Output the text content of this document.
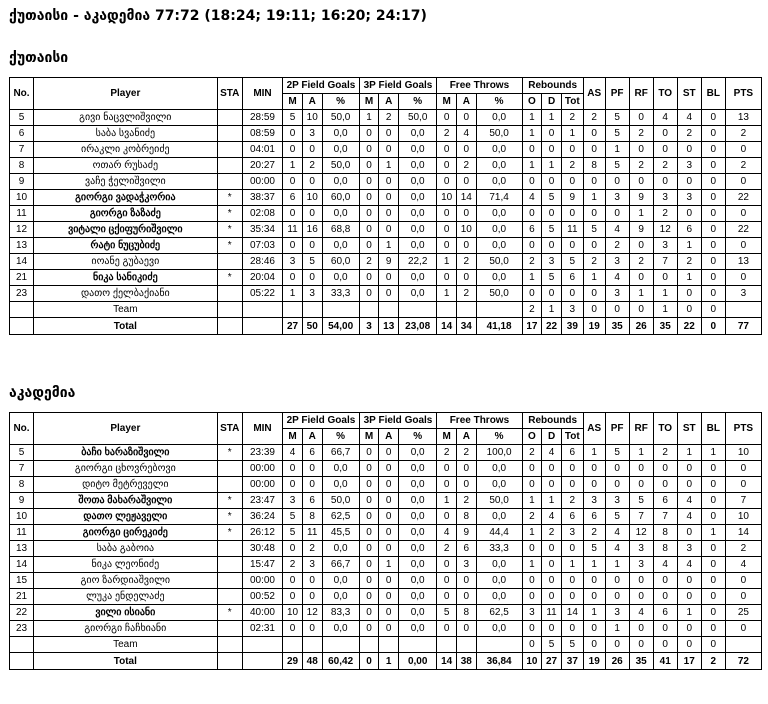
ქუთაისი - აკადემია 77:72 (18:24; 19:11; 16:20; 24:17)
ქუთაისი
No.	Player	STA	MIN	2P Field Goals			3P Field Goals			Free Throws			Rebounds			AS	PF	RF	TO	ST	BL	PTS
				M	A	%	M	A	%	M	A	%	O	D	Tot							
5	გივი ნაცვლიშვილი		28:59	5	10	50,0	1	2	50,0	0	0	0,0	1	1	2	2	5	0	4	4	0	13
6	საბა სვანიძე		08:59	0	3	0,0	0	0	0,0	2	4	50,0	1	0	1	0	5	2	0	2	0	2
7	ირაკლი კობრეიძე		04:01	0	0	0,0	0	0	0,0	0	0	0,0	0	0	0	0	1	0	0	0	0	0
8	ოთარ რუსაძე		20:27	1	2	50,0	0	1	0,0	0	2	0,0	1	1	2	8	5	2	2	3	0	2
9	ვაჩე ჭელიშვილი		00:00	0	0	0,0	0	0	0,0	0	0	0,0	0	0	0	0	0	0	0	0	0	0
10	გიორგი ვადაჭკორია	*	38:37	6	10	60,0	0	0	0,0	10	14	71,4	4	5	9	1	3	9	3	3	0	22
11	გიორგი ზაზაძე	*	02:08	0	0	0,0	0	0	0,0	0	0	0,0	0	0	0	0	0	1	2	0	0	0
12	ვიტალი ცქიფურიშვილი	*	35:34	11	16	68,8	0	0	0,0	0	10	0,0	6	5	11	5	4	9	12	6	0	22
13	რატი ნუცუბიძე	*	07:03	0	0	0,0	0	1	0,0	0	0	0,0	0	0	0	0	2	0	3	1	0	0
14	იოანე გუბაევი		28:46	3	5	60,0	2	9	22,2	1	2	50,0	2	3	5	2	3	2	7	2	0	13
21	ნიკა სანიკიძე	*	20:04	0	0	0,0	0	0	0,0	0	0	0,0	1	5	6	1	4	0	0	1	0	0
23	დათო ქელბაქიანი		05:22	1	3	33,3	0	0	0,0	1	2	50,0	0	0	0	0	3	1	1	0	0	3
	Team												2	1	3	0	0	0	1	0	0	
	Total			27	50	54,00	3	13	23,08	14	34	41,18	17	22	39	19	35	26	35	22	0	77
აკადემია
No.	Player	STA	MIN	2P Field Goals			3P Field Goals			Free Throws			Rebounds			AS	PF	RF	TO	ST	BL	PTS
				M	A	%	M	A	%	M	A	%	O	D	Tot							
5	ბაჩი ხარაზიშვილი	*	23:39	4	6	66,7	0	0	0,0	2	2	100,0	2	4	6	1	5	1	2	1	1	10
7	გიორგი ცხოვრებოვი		00:00	0	0	0,0	0	0	0,0	0	0	0,0	0	0	0	0	0	0	0	0	0	0
8	დიტო მეტრეველი		00:00	0	0	0,0	0	0	0,0	0	0	0,0	0	0	0	0	0	0	0	0	0	0
9	შოთა მახარაშვილი	*	23:47	3	6	50,0	0	0	0,0	1	2	50,0	1	1	2	3	3	5	6	4	0	7
10	დათო ლეჟაველი	*	36:24	5	8	62,5	0	0	0,0	0	8	0,0	2	4	6	6	5	7	7	4	0	10
11	გიორგი ცირეკიძე	*	26:12	5	11	45,5	0	0	0,0	4	9	44,4	1	2	3	2	4	12	8	0	1	14
13	საბა გაბოია		30:48	0	2	0,0	0	0	0,0	2	6	33,3	0	0	0	5	4	3	8	3	0	2
14	ნიკა ლეონიძე		15:47	2	3	66,7	0	1	0,0	0	3	0,0	1	0	1	1	1	3	4	4	0	4
15	გიო ზარდიაშვილი		00:00	0	0	0,0	0	0	0,0	0	0	0,0	0	0	0	0	0	0	0	0	0	0
21	ლუკა ენდელაძე		00:52	0	0	0,0	0	0	0,0	0	0	0,0	0	0	0	0	0	0	0	0	0	0
22	ვილი ისიანი	*	40:00	10	12	83,3	0	0	0,0	5	8	62,5	3	11	14	1	3	4	6	1	0	25
23	გიორგი ჩაჩხიანი		02:31	0	0	0,0	0	0	0,0	0	0	0,0	0	0	0	0	1	0	0	0	0	0
	Team												0	5	5	0	0	0	0	0	0	
	Total			29	48	60,42	0	1	0,00	14	38	36,84	10	27	37	19	26	35	41	17	2	72
